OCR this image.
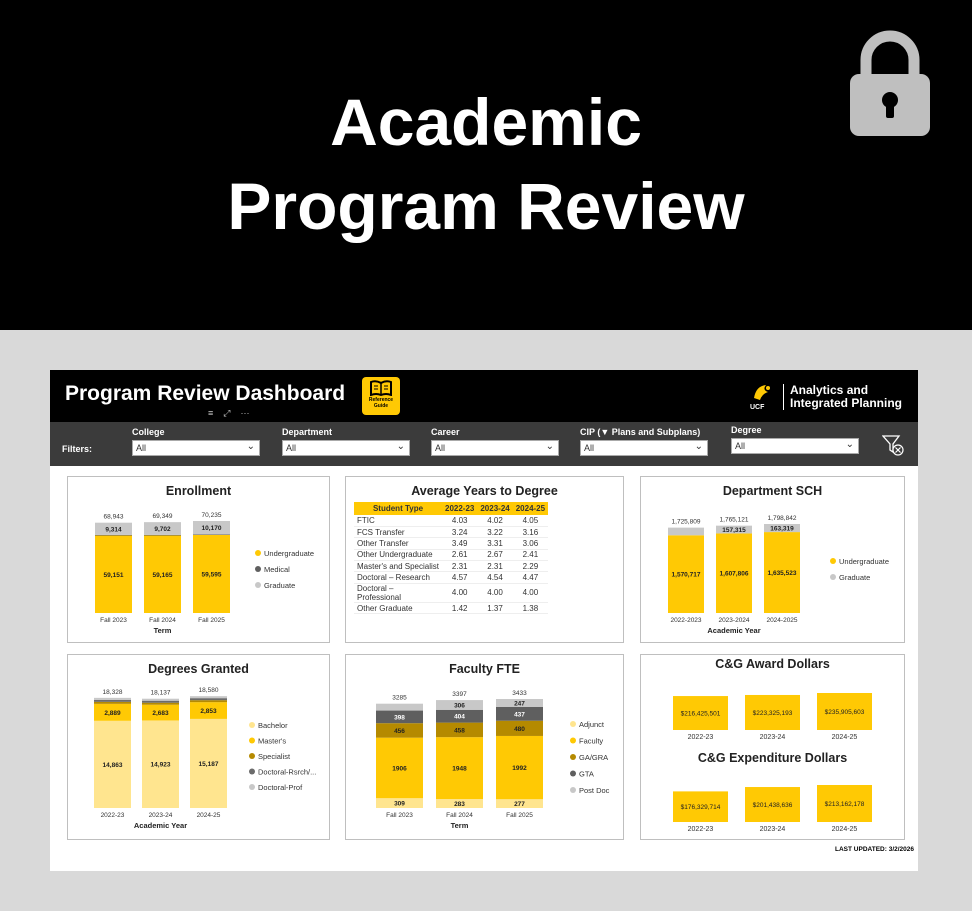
Academic
Program Review
Program Review Dashboard	Reference
Guide
≡⤢⋯
UCF
Analytics and
Integrated Planning
Filters:
College
All	⌄
Department
All	⌄
Career
All	⌄
CIP (▼ Plans and Subplans)
All	⌄
Degree
All	⌄
Enrollment
59,151
9,314
68,943
Fall 2023
59,165
9,702
69,349
Fall 2024
59,595
10,170
70,235
Fall 2025
Term
Undergraduate
Medical
Graduate
Average Years to Degree
Student Type	2022-23	2023-24	2024-25
FTIC	4.03	4.02	4.05
FCS Transfer	3.24	3.22	3.16
Other Transfer	3.49	3.31	3.06
Other Undergraduate	2.61	2.67	2.41
Master's and Specialist	2.31	2.31	2.29
Doctoral – Research	4.57	4.54	4.47
Doctoral – Professional	4.00	4.00	4.00
Other Graduate	1.42	1.37	1.38
Department SCH
1,570,717
1,725,809
2022-2023
1,607,806
157,315
1,765,121
2023-2024
1,635,523
163,319
1,798,842
2024-2025
Academic Year
Undergraduate
Graduate
Degrees Granted
14,863
2,889
18,328
2022-23
14,923
2,683
18,137
2023-24
15,187
2,853
18,580
2024-25
Academic Year
Bachelor
Master's
Specialist
Doctoral-Rsrch/...
Doctoral-Prof
Faculty FTE
309
1906
456
398
3285
Fall 2023
283
1948
458
404
306
3397
Fall 2024
277
1992
480
437
247
3433
Fall 2025
Term
Adjunct
Faculty
GA/GRA
GTA
Post Doc
C&G Award Dollars
C&G Expenditure Dollars
$216,425,501
2022-23
$223,325,193
2023-24
$235,905,603
2024-25
$176,329,714
2022-23
$201,438,636
2023-24
$213,162,178
2024-25
LAST UPDATED: 3/2/2026
